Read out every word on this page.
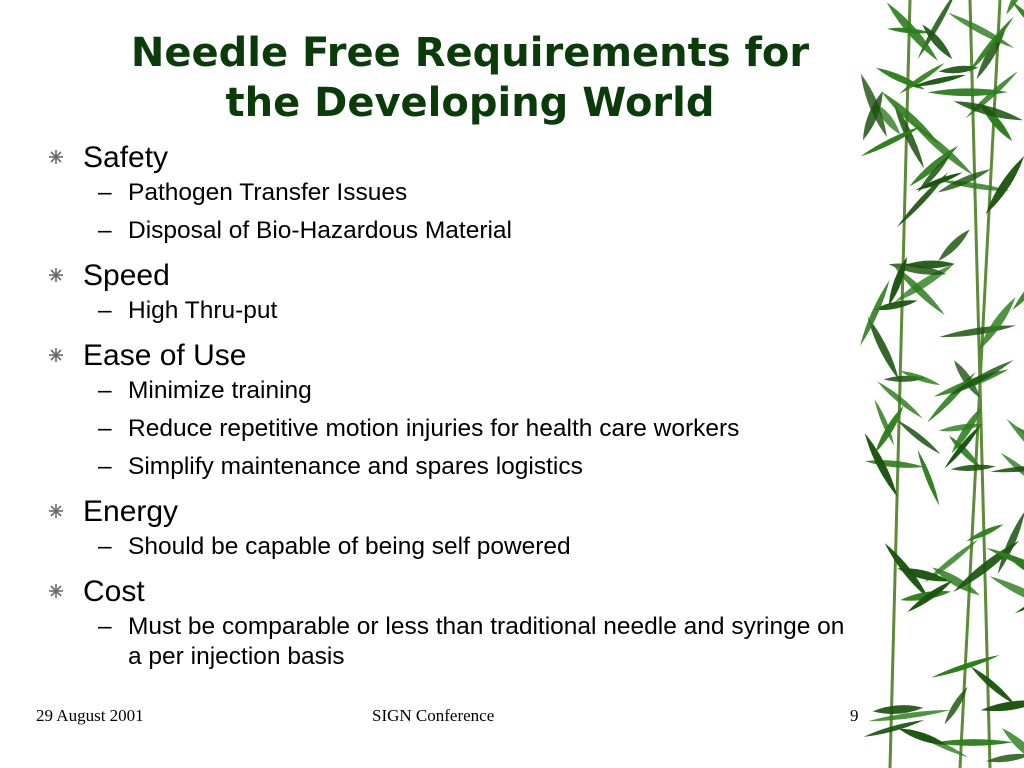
Needle Free Requirements for
the Developing World
Safety
– Pathogen Transfer Issues
– Disposal of Bio-Hazardous Material
Speed
– High Thru-put
Ease of Use
– Minimize training
– Reduce repetitive motion injuries for health care workers
– Simplify maintenance and spares logistics
Energy
– Should be capable of being self powered
Cost
– Must be comparable or less than traditional needle and syringe on a per injection basis
29 August 2001	SIGN Conference	9
